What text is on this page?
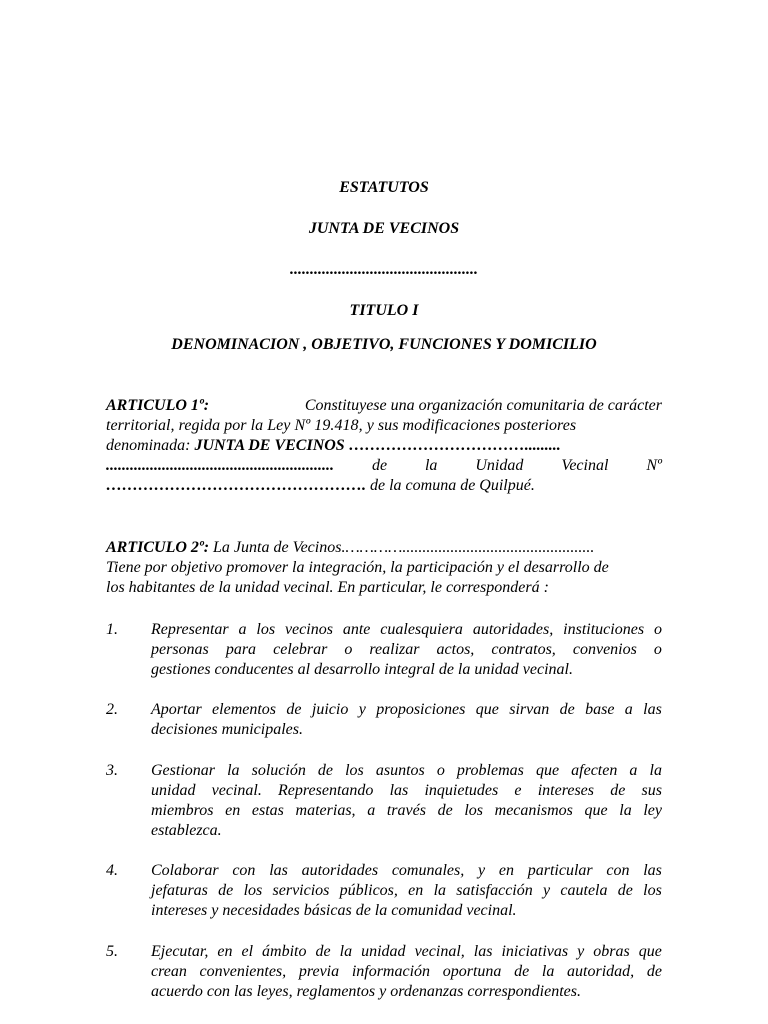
ESTATUTOS
JUNTA DE VECINOS
...............................................
TITULO I
DENOMINACION , OBJETIVO, FUNCIONES Y DOMICILIO
ARTICULO 1º:	Constituyese una organización comunitaria de carácter
territorial, regida por la Ley Nº 19.418, y sus modificaciones posteriores
denominada: JUNTA DE VECINOS …………………………….........
......................................................... de la Unidad Vecinal Nº
…………………………………………. de la comuna de Quilpué.
ARTICULO 2º: La Junta de Vecinos.…………................................................
Tiene por objetivo promover la integración, la participación y el desarrollo de
los habitantes de la unidad vecinal. En particular, le corresponderá :
1.	Representar a los vecinos ante cualesquiera autoridades, instituciones o
personas para celebrar o realizar actos, contratos, convenios o
gestiones conducentes al desarrollo integral de la unidad vecinal.
2.	Aportar elementos de juicio y proposiciones que sirvan de base a las
decisiones municipales.
3.	Gestionar la solución de los asuntos o problemas que afecten a la
unidad vecinal. Representando las inquietudes e intereses de sus
miembros en estas materias, a través de los mecanismos que la ley
establezca.
4.	Colaborar con las autoridades comunales, y en particular con las
jefaturas de los servicios públicos, en la satisfacción y cautela de los
intereses y necesidades básicas de la comunidad vecinal.
5.	Ejecutar, en el ámbito de la unidad vecinal, las iniciativas y obras que
crean convenientes, previa información oportuna de la autoridad, de
acuerdo con las leyes, reglamentos y ordenanzas correspondientes.
